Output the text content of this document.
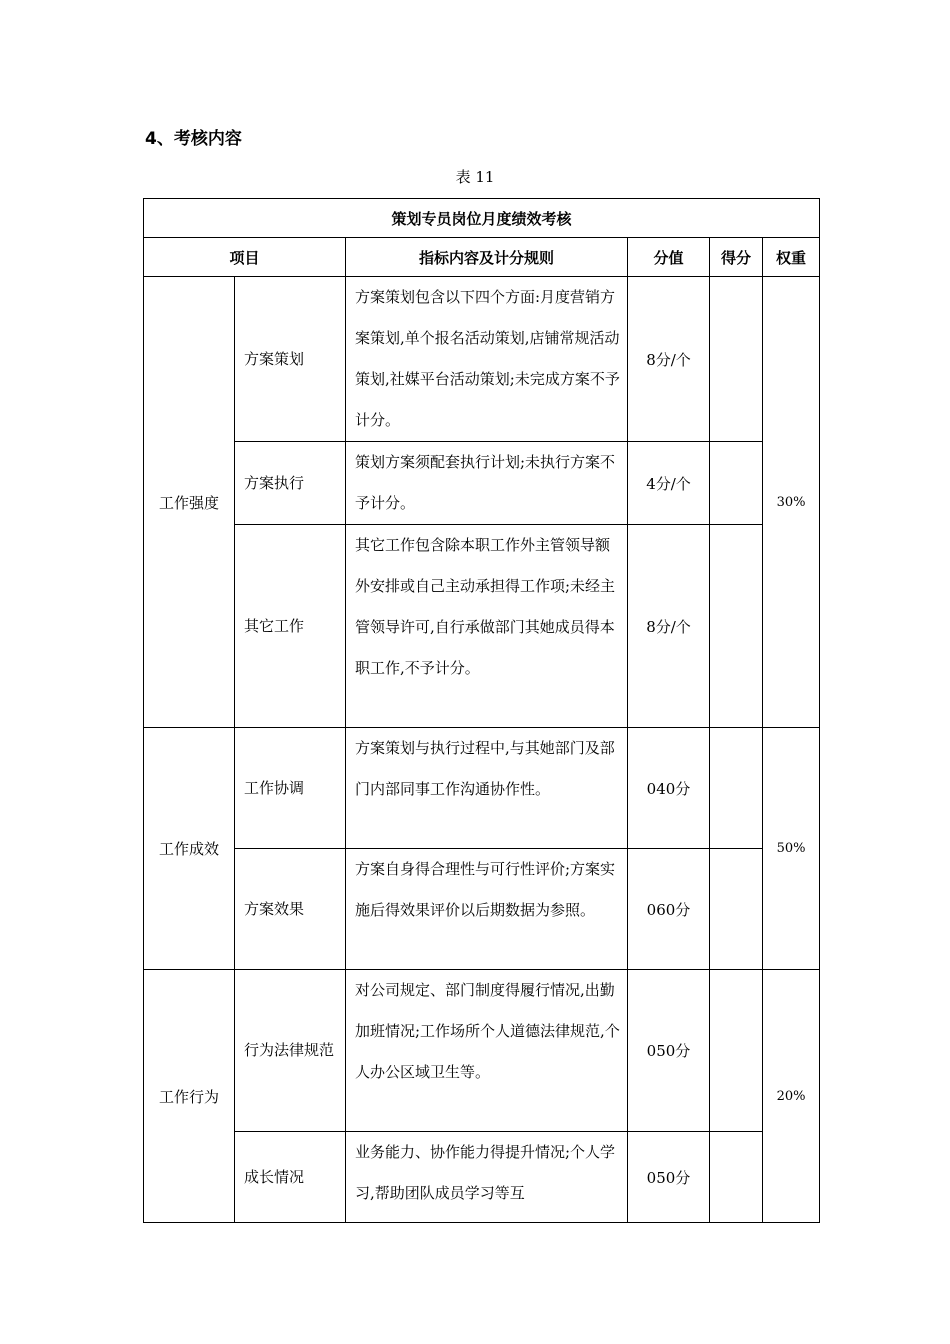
4、考核内容
表 11
策划专员岗位月度绩效考核					
项目		指标内容及计分规则	分值	得分	权重
工作强度	方案策划	方案策划包含以下四个方面:月度营销方案策划,单个报名活动策划,店铺常规活动策划,社媒平台活动策划;未完成方案不予计分。	8分/个		30%
	方案执行	策划方案须配套执行计划;未执行方案不予计分。	4分/个		
	其它工作	其它工作包含除本职工作外主管领导额外安排或自己主动承担得工作项;未经主管领导许可,自行承做部门其她成员得本职工作,不予计分。	8分/个		
工作成效	工作协调	方案策划与执行过程中,与其她部门及部门内部同事工作沟通协作性。	040分		50%
	方案效果	方案自身得合理性与可行性评价;方案实施后得效果评价以后期数据为参照。	060分		
工作行为	行为法律规范	对公司规定、部门制度得履行情况,出勤加班情况;工作场所个人道德法律规范,个人办公区域卫生等。	050分		20%
	成长情况	业务能力、协作能力得提升情况;个人学习,帮助团队成员学习等互	050分		
